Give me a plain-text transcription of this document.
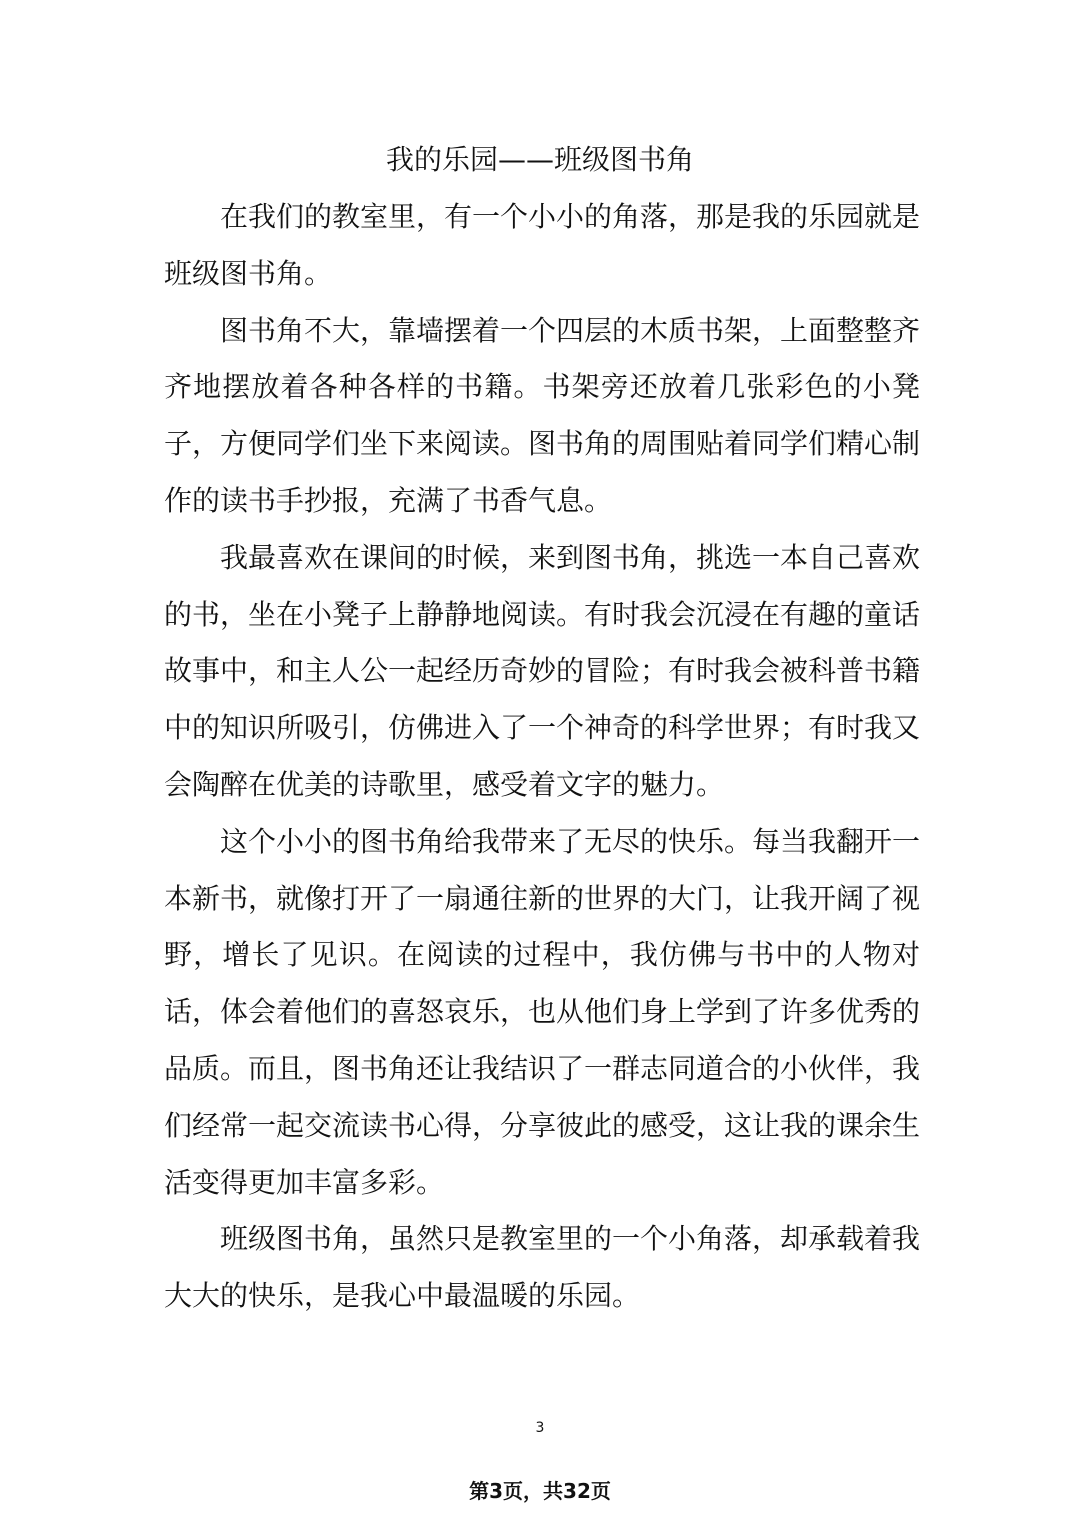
我的乐园——班级图书角

在我们的教室里，有一个小小的角落，那是我的乐园就是班级图书角。

图书角不大，靠墙摆着一个四层的木质书架，上面整整齐齐地摆放着各种各样的书籍。书架旁还放着几张彩色的小凳子，方便同学们坐下来阅读。图书角的周围贴着同学们精心制作的读书手抄报，充满了书香气息。

我最喜欢在课间的时候，来到图书角，挑选一本自己喜欢的书，坐在小凳子上静静地阅读。有时我会沉浸在有趣的童话故事中，和主人公一起经历奇妙的冒险；有时我会被科普书籍中的知识所吸引，仿佛进入了一个神奇的科学世界；有时我又会陶醉在优美的诗歌里，感受着文字的魅力。

这个小小的图书角给我带来了无尽的快乐。每当我翻开一本新书，就像打开了一扇通往新的世界的大门，让我开阔了视野，增长了见识。在阅读的过程中，我仿佛与书中的人物对话，体会着他们的喜怒哀乐，也从他们身上学到了许多优秀的品质。而且，图书角还让我结识了一群志同道合的小伙伴，我们经常一起交流读书心得，分享彼此的感受，这让我的课余生活变得更加丰富多彩。

班级图书角，虽然只是教室里的一个小角落，却承载着我大大的快乐，是我心中最温暖的乐园。

3
第3页，共32页
